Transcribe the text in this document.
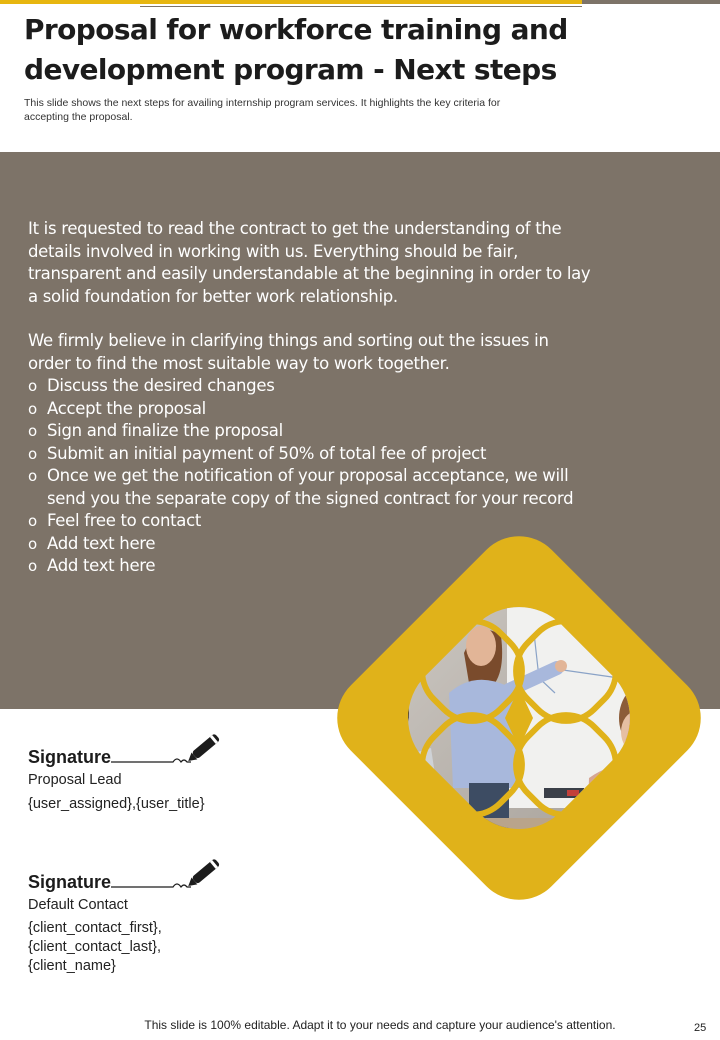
Proposal for workforce training and
development program - Next steps
This slide shows the next steps for availing internship program services. It highlights the key criteria for
accepting the proposal.

It is requested to read the contract to get the understanding of the

details involved in working with us. Everything should be fair,

transparent and easily understandable at the beginning in order to lay

a solid foundation for better work relationship.

We firmly believe in clarifying things and sorting out the issues in

order to find the most suitable way to work together.

o Discuss the desired changes
o Accept the proposal
o Sign and finalize the proposal
o Submit an initial payment of 50% of total fee of project
o Once we get the notification of your proposal acceptance, we will
send you the separate copy of the signed contract for your record
o Feel free to contact
o Add text here
o Add text here
Signature
Proposal Lead
{user_assigned},{user_title}
Signature
Default Contact
{client_contact_first},
{client_contact_last},
{client_name}
This slide is 100% editable. Adapt it to your needs and capture your audience's attention.	25
